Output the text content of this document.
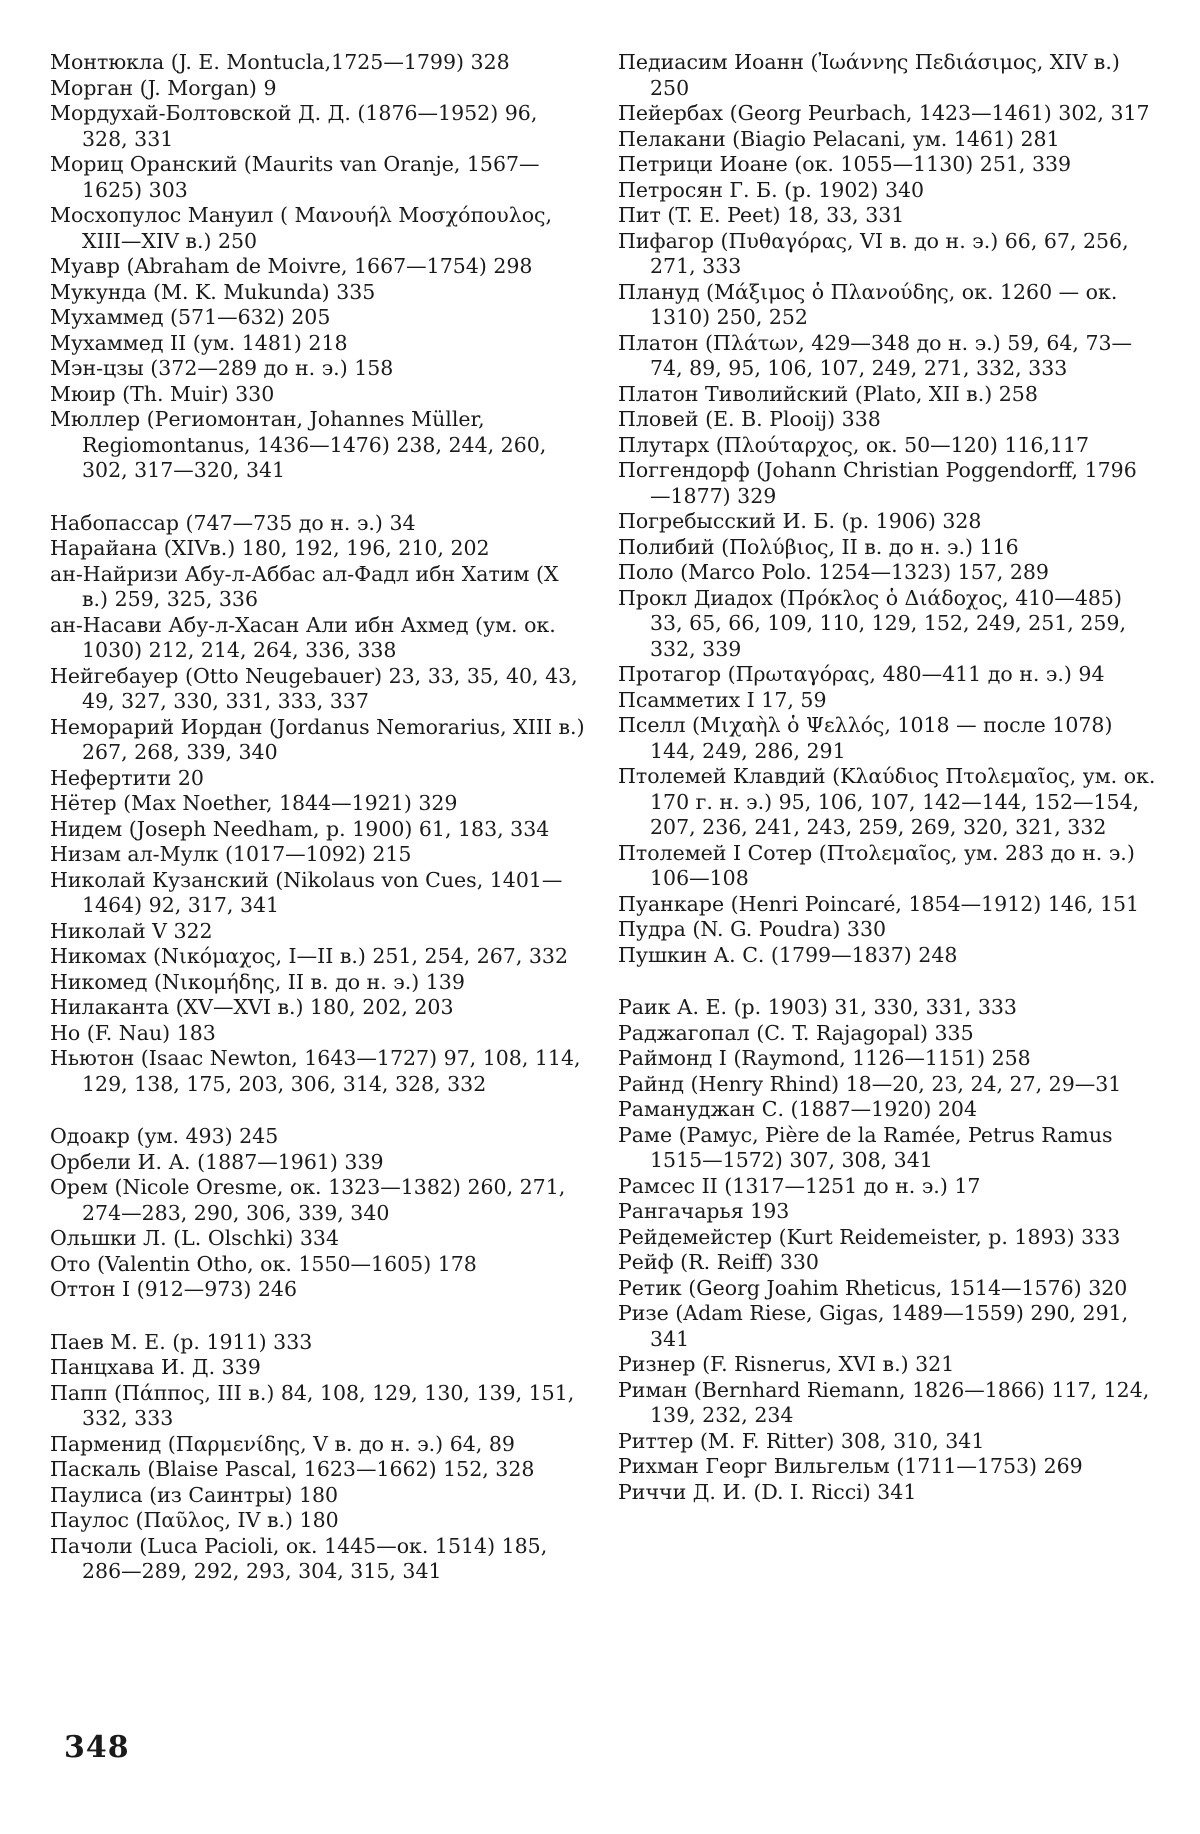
Монтюкла (J. E. Montucla,1725—1799) 328

Морган (J. Morgan) 9

Мордухай-Болтовской Д. Д. (1876—1952) 96, 328, 331

Мориц Оранский (Maurits van Oranje, 1567—1625) 303

Мосхопулос Мануил ( Μανουήλ Μοσχόπουλος, XIII—XIV в.) 250

Муавр (Abraham de Moivre, 1667—1754) 298

Мукунда (M. K. Mukunda) 335

Мухаммед (571—632) 205

Мухаммед II (ум. 1481) 218

Мэн-цзы (372—289 до н. э.) 158

Мюир (Th. Muir) 330

Мюллер (Региомонтан, Johannes Müller, Regiomontanus, 1436—1476) 238, 244, 260, 302, 317—320, 341

Набопассар (747—735 до н. э.) 34

Нарайана (XIVв.) 180, 192, 196, 210, 202

ан-Найризи Абу-л-Аббас ал-Фадл ибн Хатим (X в.) 259, 325, 336

ан-Насави Абу-л-Хасан Али ибн Ахмед (ум. ок. 1030) 212, 214, 264, 336, 338

Нейгебауер (Otto Neugebauer) 23, 33, 35, 40, 43, 49, 327, 330, 331, 333, 337

Неморарий Иордан (Jordanus Nemorarius, XIII в.) 267, 268, 339, 340

Нефертити 20

Нётер (Max Noether, 1844—1921) 329

Нидем (Joseph Needham, p. 1900) 61, 183, 334

Низам ал-Мулк (1017—1092) 215

Николай Кузанский (Nikolaus von Cues, 1401—1464) 92, 317, 341

Николай V 322

Никомах (Νικόμαχος, I—II в.) 251, 254, 267, 332

Никомед (Νικομήδης, II в. до н. э.) 139

Нилаканта (XV—XVI в.) 180, 202, 203

Но (F. Nau) 183

Ньютон (Isaac Newton, 1643—1727) 97, 108, 114, 129, 138, 175, 203, 306, 314, 328, 332

Одоакр (ум. 493) 245

Орбели И. А. (1887—1961) 339

Орем (Nicole Oresme, ок. 1323—1382) 260, 271, 274—283, 290, 306, 339, 340

Ольшки Л. (L. Olschki) 334

Ото (Valentin Otho, ок. 1550—1605) 178

Оттон I (912—973) 246

Паев М. Е. (р. 1911) 333

Панцхава И. Д. 339

Папп (Πάππος, III в.) 84, 108, 129, 130, 139, 151, 332, 333

Парменид (Παρμενίδης, V в. до н. э.) 64, 89

Паскаль (Blaise Pascal, 1623—1662) 152, 328

Паулиса (из Саинтры) 180

Паулос (Παῦλος, IV в.) 180

Пачоли (Luca Pacioli, ок. 1445—ок. 1514) 185, 286—289, 292, 293, 304, 315, 341

Педиасим Иоанн (Ἰωάννης Πεδιάσιμος, XIV в.) 250

Пейербах (Georg Peurbach, 1423—1461) 302, 317

Пелакани (Biagio Pelacani, ум. 1461) 281

Петрици Иоане (ок. 1055—1130) 251, 339

Петросян Г. Б. (р. 1902) 340

Пит (T. E. Peet) 18, 33, 331

Пифагор (Πυθαγόρας, VI в. до н. э.) 66, 67, 256, 271, 333

Плануд (Μάξιμος ὁ Πλανούδης, ок. 1260 — ок. 1310) 250, 252

Платон (Πλάτων, 429—348 до н. э.) 59, 64, 73—74, 89, 95, 106, 107, 249, 271, 332, 333

Платон Тиволийский (Plato, XII в.) 258

Пловей (E. B. Plooij) 338

Плутарх (Πλούταρχος, ок. 50—120) 116,117

Поггендорф (Johann Christian Poggendorff, 1796—1877) 329

Погребысский И. Б. (р. 1906) 328

Полибий (Πολύβιος, II в. до н. э.) 116

Поло (Marco Polo. 1254—1323) 157, 289

Прокл Диадох (Πρόκλος ὁ Διάδοχος, 410—485) 33, 65, 66, 109, 110, 129, 152, 249, 251, 259, 332, 339

Протагор (Πρωταγόρας, 480—411 до н. э.) 94

Псамметих I 17, 59

Пселл (Μιχαὴλ ὁ Ψελλός, 1018 — после 1078) 144, 249, 286, 291

Птолемей Клавдий (Κλαύδιος Πτολεμαῖος, ум. ок. 170 г. н. э.) 95, 106, 107, 142—144, 152—154, 207, 236, 241, 243, 259, 269, 320, 321, 332

Птолемей I Сотер (Πτολεμαῖος, ум. 283 до н. э.) 106—108

Пуанкаре (Henri Poincaré, 1854—1912) 146, 151

Пудра (N. G. Poudra) 330

Пушкин А. С. (1799—1837) 248

Раик А. Е. (р. 1903) 31, 330, 331, 333

Раджагопал (C. T. Rajagopal) 335

Раймонд I (Raymond, 1126—1151) 258

Райнд (Henry Rhind) 18—20, 23, 24, 27, 29—31

Рамануджан С. (1887—1920) 204

Раме (Рамус, Pière de la Ramée, Petrus Ramus 1515—1572) 307, 308, 341

Рамсес II (1317—1251 до н. э.) 17

Рангачарья 193

Рейдемейстер (Kurt Reidemeister, p. 1893) 333

Рейф (R. Reiff) 330

Ретик (Georg Joahim Rheticus, 1514—1576) 320

Ризе (Adam Riese, Gigas, 1489—1559) 290, 291, 341

Ризнер (F. Risnerus, XVI в.) 321

Риман (Bernhard Riemann, 1826—1866) 117, 124, 139, 232, 234

Риттер (M. F. Ritter) 308, 310, 341

Рихман Георг Вильгельм (1711—1753) 269

Риччи Д. И. (D. I. Ricci) 341

348
